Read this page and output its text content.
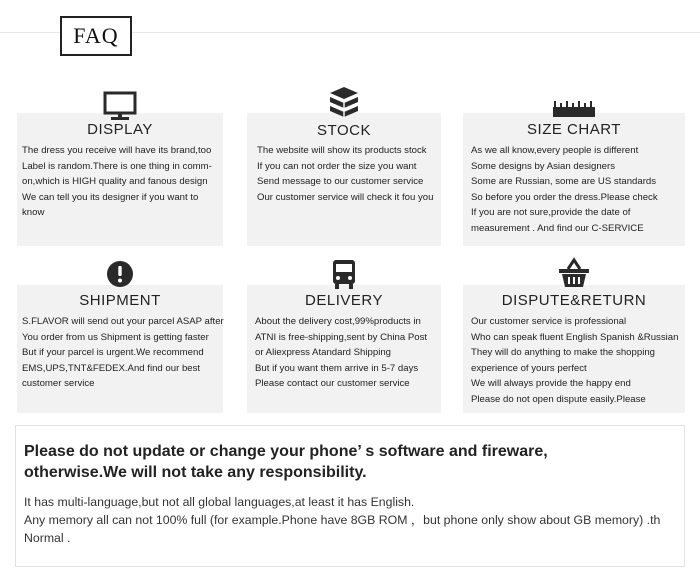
FAQ
DISPLAY
The dress you receive will have its brand,too
Label is random.There is one thing in comm-
on,which is HIGH quality and fanous design
We can tell you its designer if you want to
know
STOCK
The website will show its products stock
If you can not order the size you want
Send message to our customer service
Our customer service will check it fou you
SIZE CHART
As we all know,every people is different
Some designs by Asian designers
Some are Russian, some are US standards
So before you order the dress.Please check
If you are not sure,provide the date of
measurement . And find our C-SERVICE
SHIPMENT
S.FLAVOR will send out your parcel ASAP after
You order from us Shipment is getting faster
But if your parcel is urgent.We recommend
EMS,UPS,TNT&FEDEX.And find our best
customer service
DELIVERY
About the delivery cost,99%products in
ATNI is free-shipping,sent by China Post
or Aliexpress Atandard Shipping
But if you want them arrive in 5-7 days
Please contact our customer service
DISPUTE&RETURN
Our customer service is professional
Who can speak fluent English Spanish &Russian
They will do anything to make the shopping
experience of yours perfect
We will always provide the happy end
Please do not open dispute easily.Please
Please do not update or change your phone’ s software and fireware,
otherwise.We will not take any responsibility.
It has multi-language,but not all global languages,at least it has English.
Any memory all can not 100% full (for example.Phone have 8GB ROM ，but phone only show about GB memory) .th
Normal .
